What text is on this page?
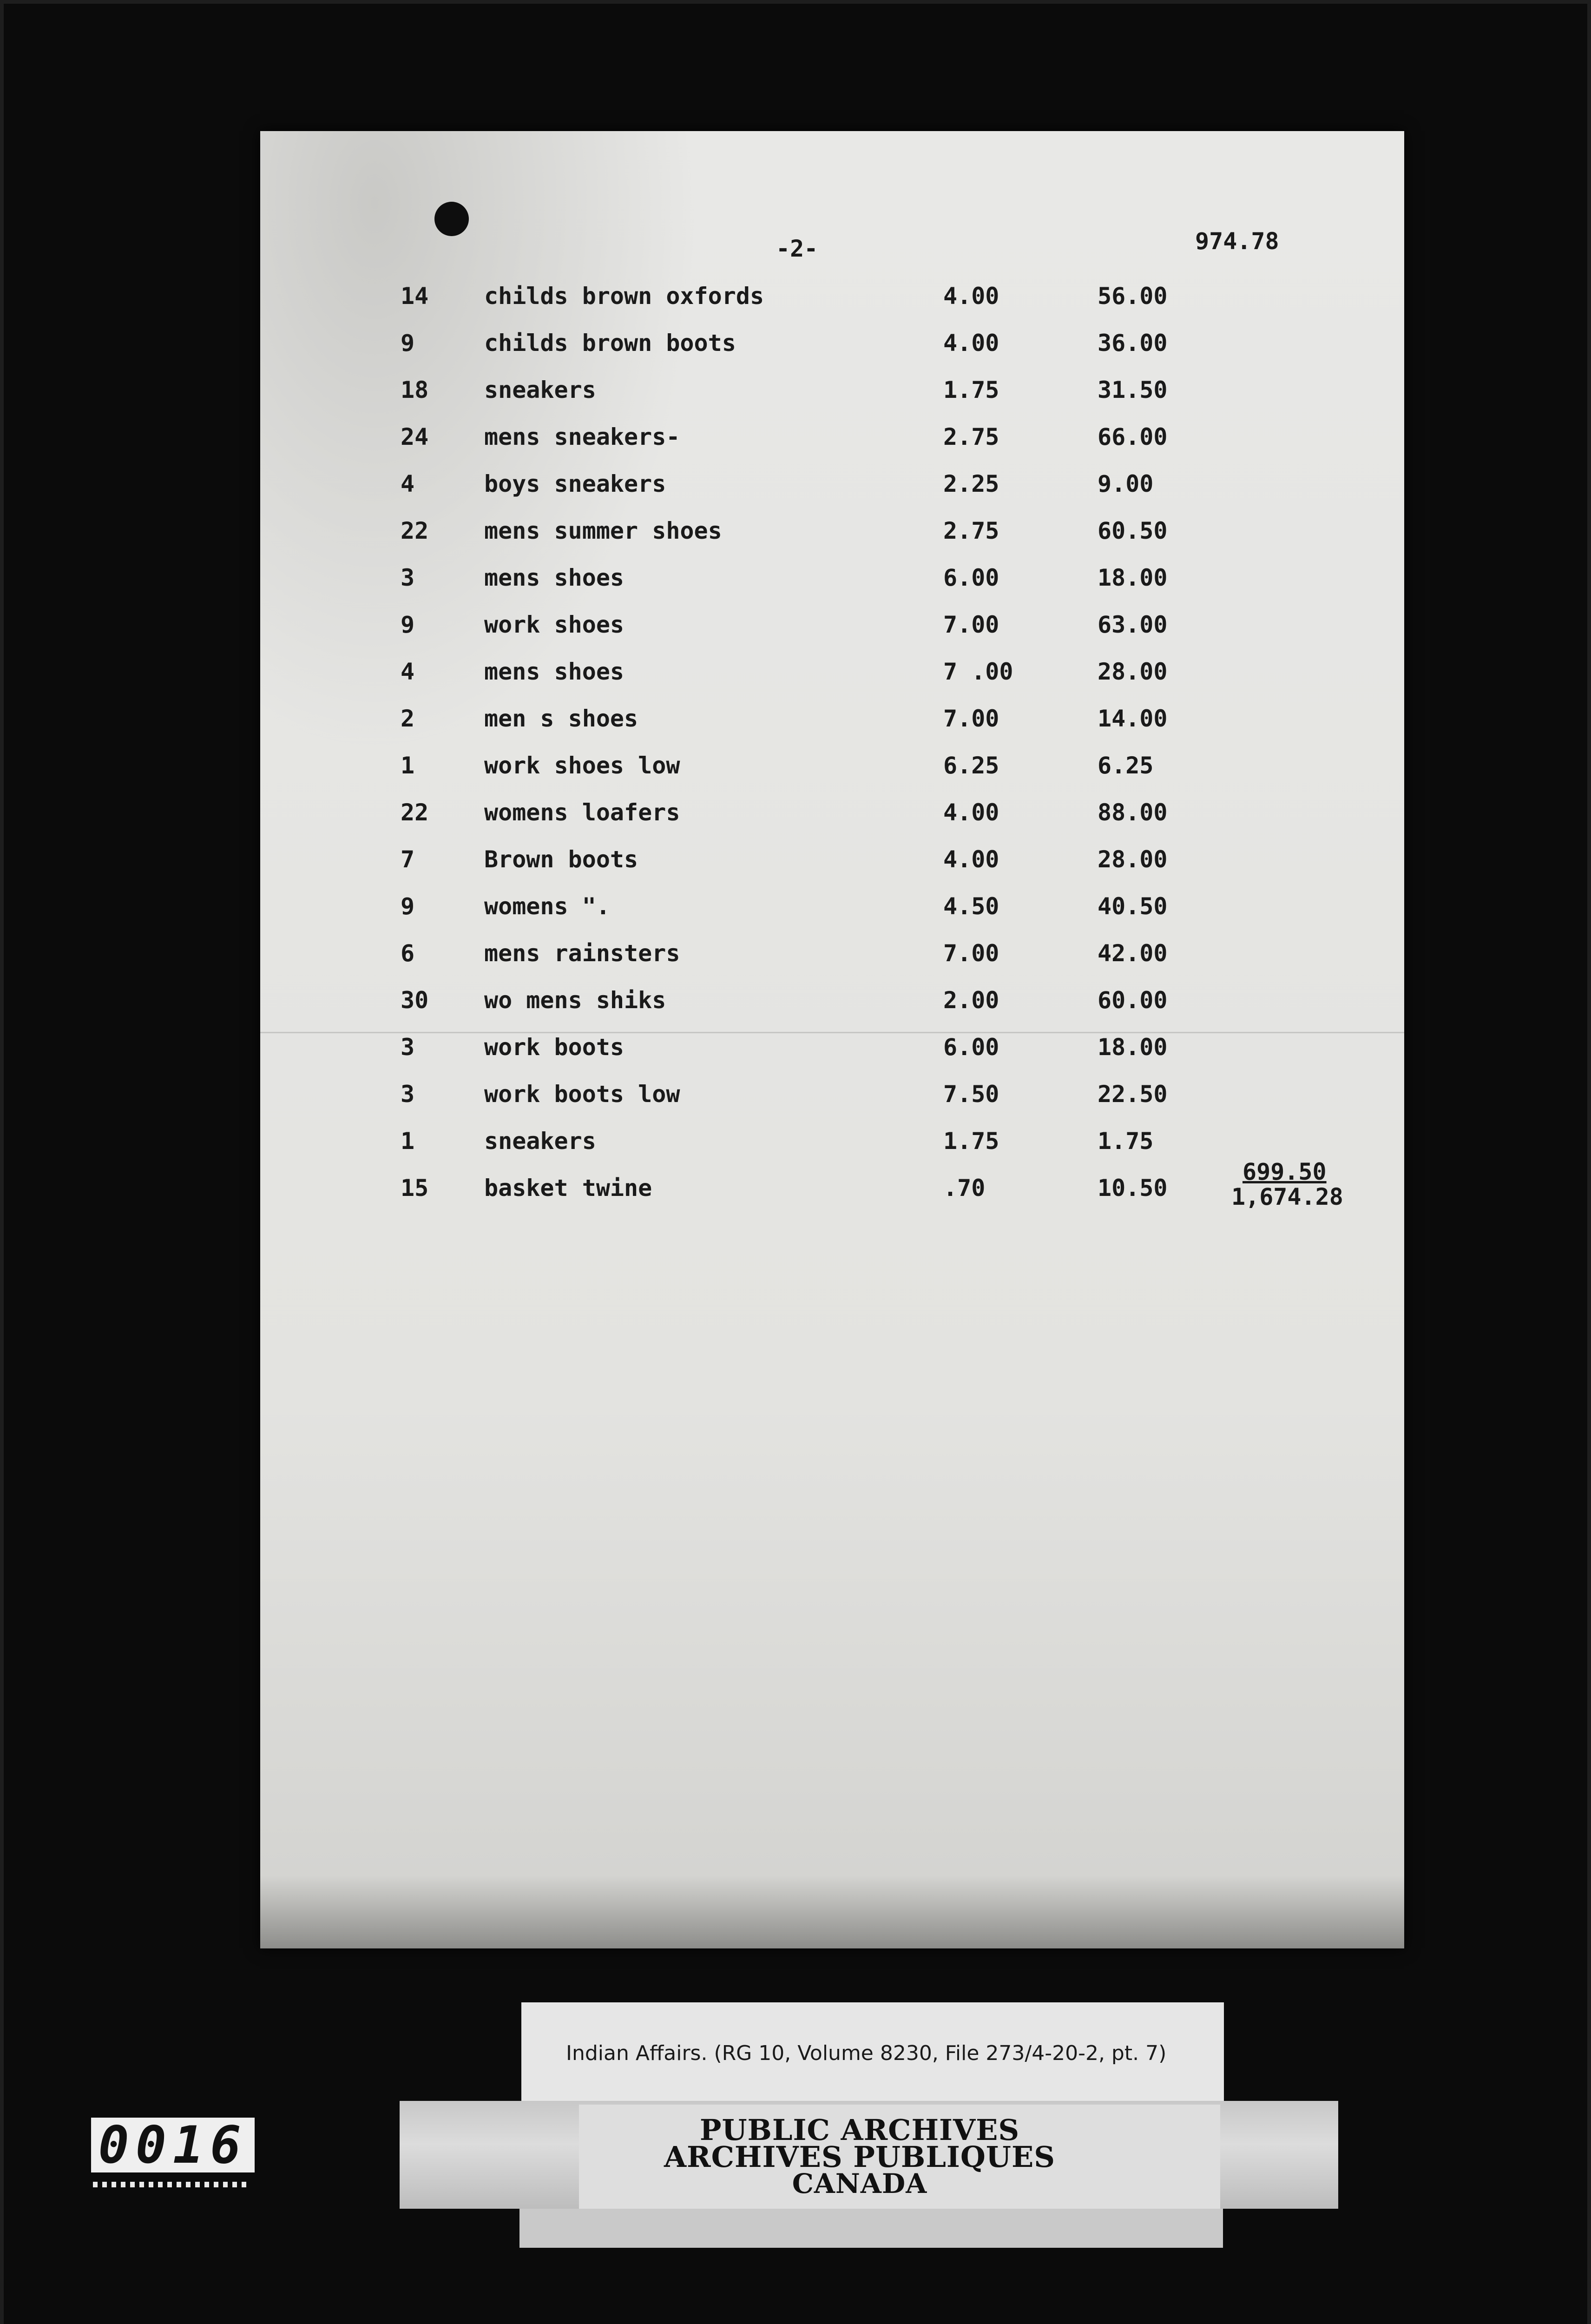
-2-	974.78
14 childs brown oxfords	4.00	56.00
9	childs brown boots	4.00	36.00
18 sneakers	1.75	31.50
24 mens sneakers-	2.75	66.00
4	boys sneakers	2.25	9.00
22 mens summer shoes	2.75	60.50
3	mens shoes	6.00	18.00
9	work shoes	7.00	63.00
4	mens shoes	7 .00	28.00
2	men s shoes	7.00	14.00
1	work shoes low	6.25	6.25
22 womens loafers	4.00	88.00
7	Brown boots	4.00	28.00
9	womens ".	4.50	40.50
6	mens rainsters	7.00	42.00
30 wo mens shiks	2.00	60.00
3	work boots	6.00	18.00
3	work boots low	7.50	22.50
1	sneakers	1.75	1.75
15 basket twine	.70	10.50
699.50
1,674.28
Indian Affairs. (RG 10, Volume 8230, File 273/4-20-2, pt. 7)
PUBLIC ARCHIVES
ARCHIVES PUBLIQUES
CANADA
0016
